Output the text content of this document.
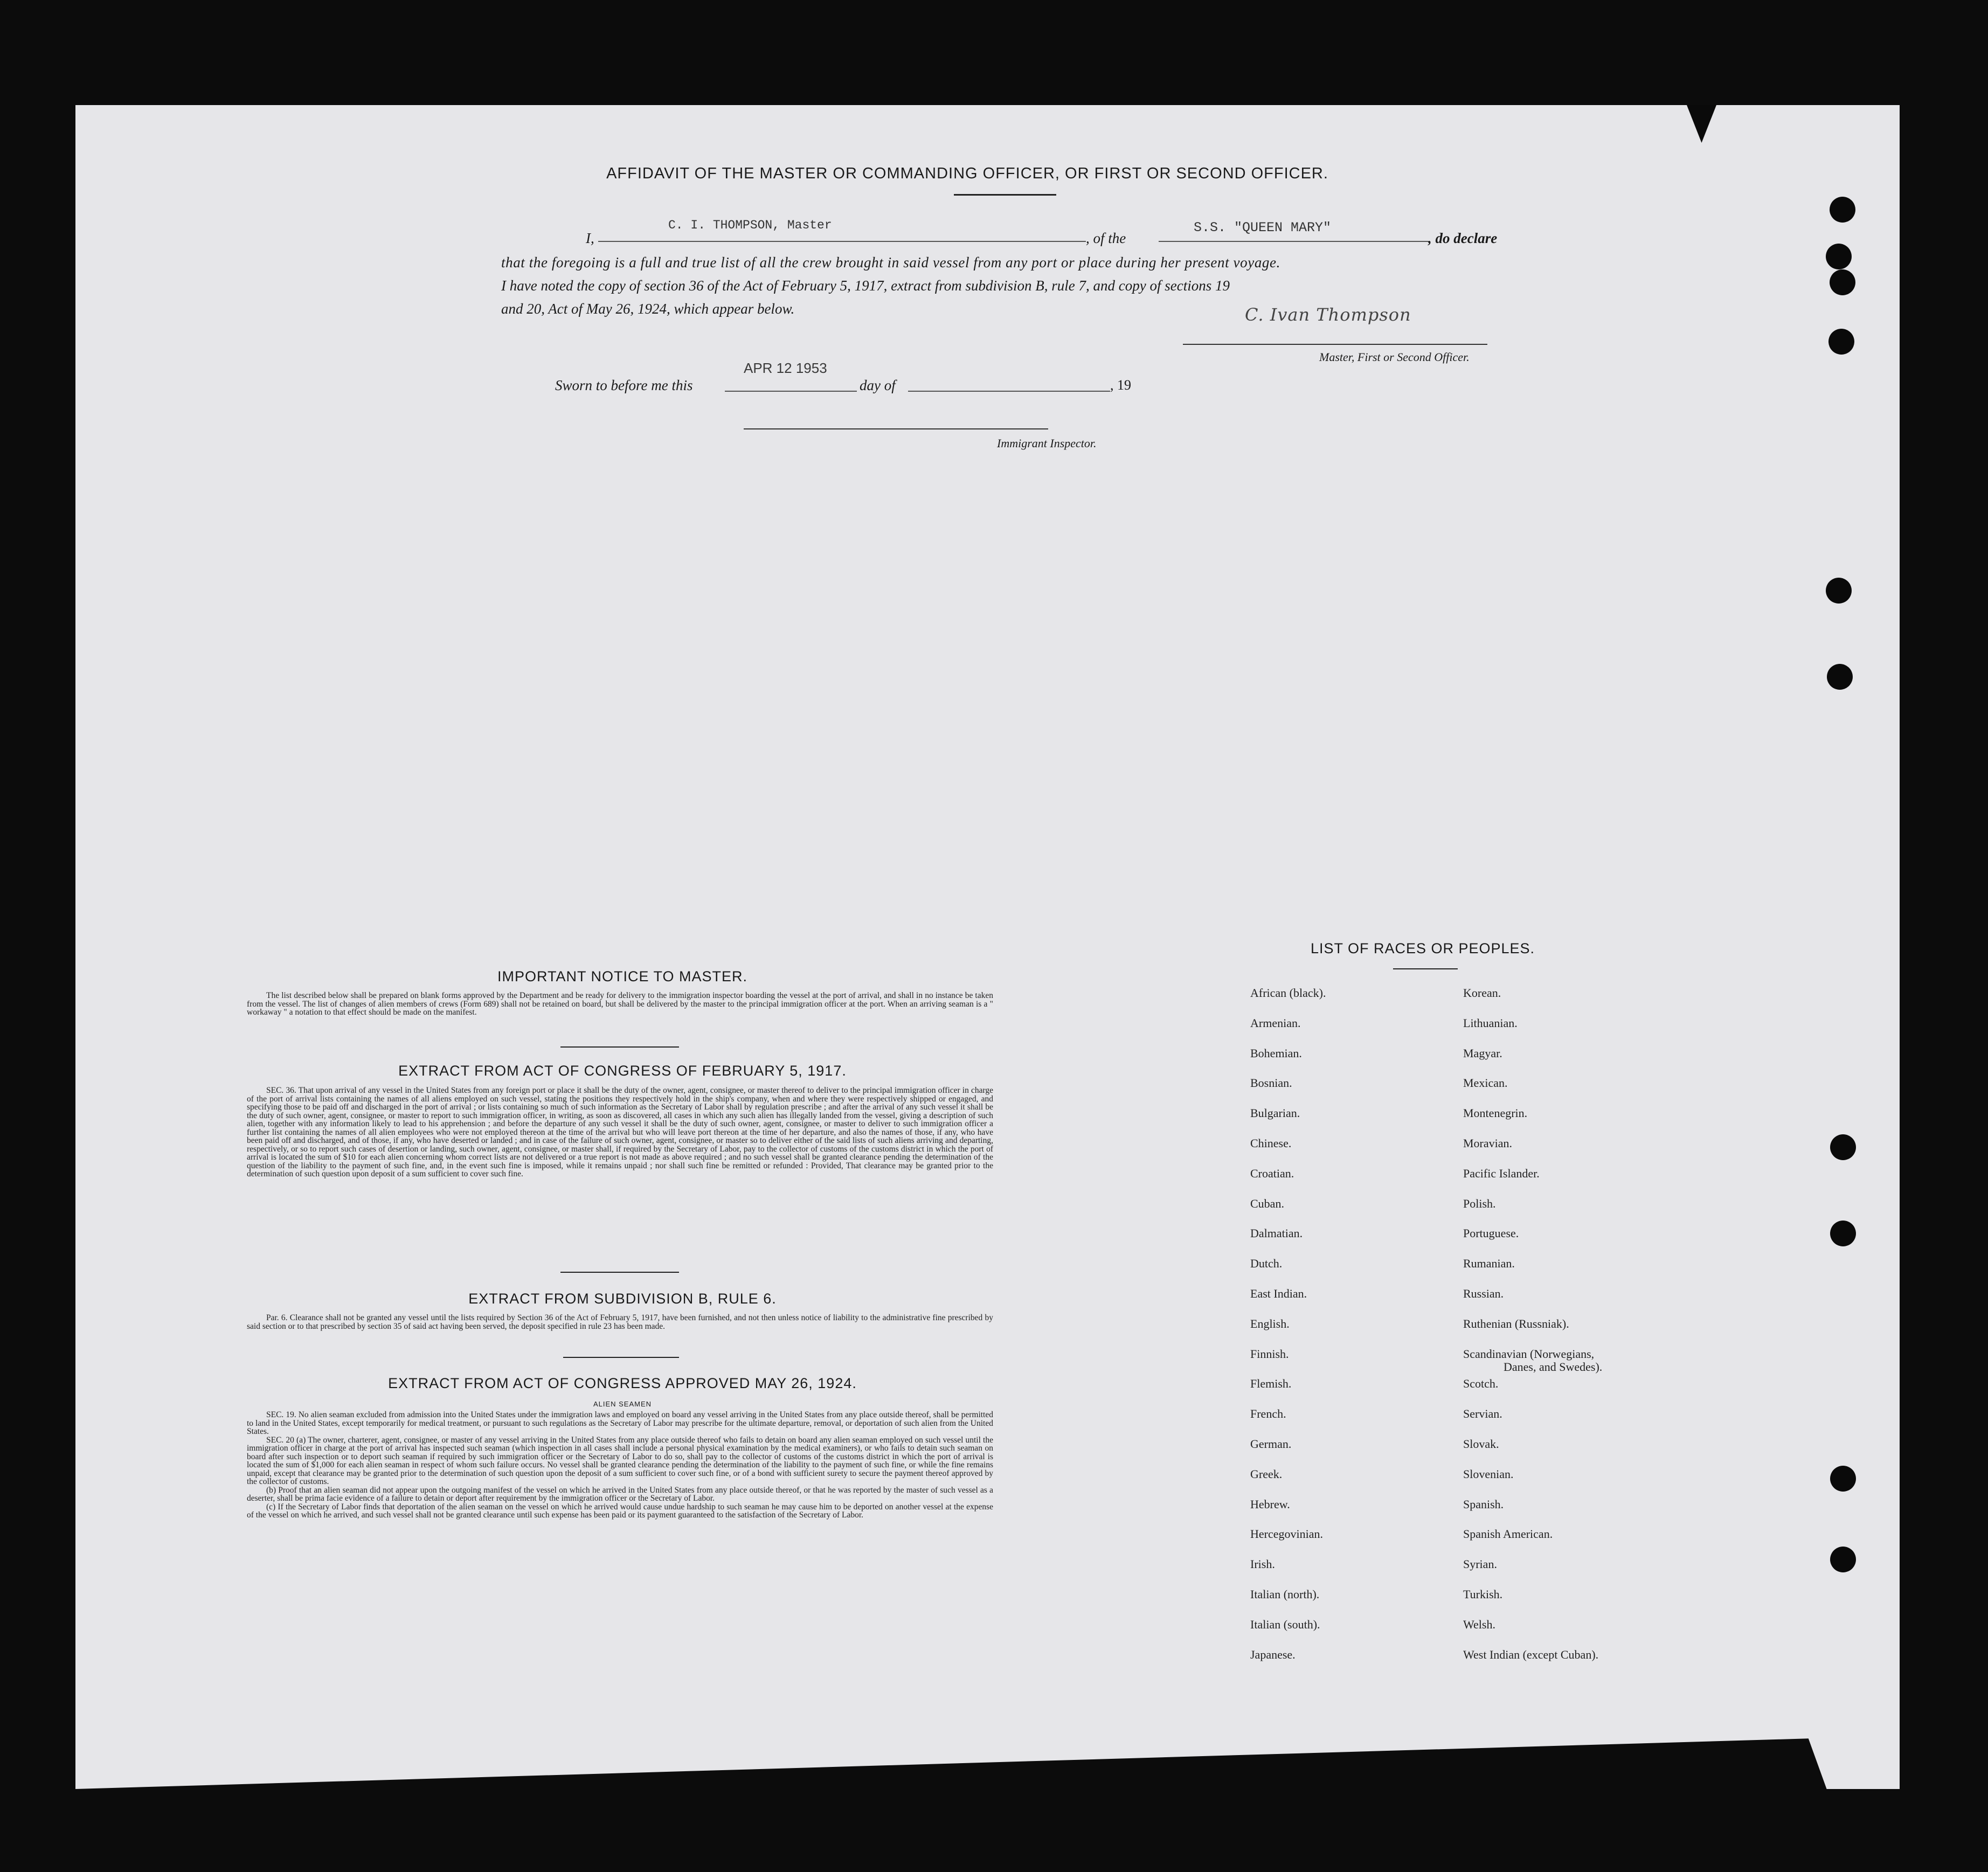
AFFIDAVIT OF THE MASTER OR COMMANDING OFFICER, OR FIRST OR SECOND OFFICER.
I,
C. I. THOMPSON, Master
, of the
S.S. "QUEEN MARY"
, do declare
that the foregoing is a full and true list of all the crew brought in said vessel from any port or place during her present voyage.
I have noted the copy of section 36 of the Act of February 5, 1917, extract from subdivision B, rule 7, and copy of sections 19
and 20, Act of May 26, 1924, which appear below.	C. Ivan Thompson
Master, First or Second Officer.
Sworn to before me this
APR 12 1953
day of	, 19
Immigrant Inspector.
IMPORTANT NOTICE TO MASTER.

The list described below shall be prepared on blank forms approved by the Department and be ready for delivery to the immigration inspector boarding the vessel at the port of arrival, and shall in no instance be taken from the vessel. The list of changes of alien members of crews (Form 689) shall not be retained on board, but shall be delivered by the master to the principal immigration officer at the port. When an arriving seaman is a " workaway " a notation to that effect should be made on the manifest.

EXTRACT FROM ACT OF CONGRESS OF FEBRUARY 5, 1917.

SEC. 36. That upon arrival of any vessel in the United States from any foreign port or place it shall be the duty of the owner, agent, consignee, or master thereof to deliver to the principal immigration officer in charge of the port of arrival lists containing the names of all aliens employed on such vessel, stating the positions they respectively hold in the ship's company, when and where they were respectively shipped or engaged, and specifying those to be paid off and discharged in the port of arrival ; or lists containing so much of such information as the Secretary of Labor shall by regulation prescribe ; and after the arrival of any such vessel it shall be the duty of such owner, agent, consignee, or master to report to such immigration officer, in writing, as soon as discovered, all cases in which any such alien has illegally landed from the vessel, giving a description of such alien, together with any information likely to lead to his apprehension ; and before the departure of any such vessel it shall be the duty of such owner, agent, consignee, or master to deliver to such immigration officer a further list containing the names of all alien employees who were not employed thereon at the time of the arrival but who will leave port thereon at the time of her departure, and also the names of those, if any, who have been paid off and discharged, and of those, if any, who have deserted or landed ; and in case of the failure of such owner, agent, consignee, or master so to deliver either of the said lists of such aliens arriving and departing, respectively, or so to report such cases of desertion or landing, such owner, agent, consignee, or master shall, if required by the Secretary of Labor, pay to the collector of customs of the customs district in which the port of arrival is located the sum of $10 for each alien concerning whom correct lists are not delivered or a true report is not made as above required ; and no such vessel shall be granted clearance pending the determination of the question of the liability to the payment of such fine, and, in the event such fine is imposed, while it remains unpaid ; nor shall such fine be remitted or refunded : Provided, That clearance may be granted prior to the determination of such question upon deposit of a sum sufficient to cover such fine.

EXTRACT FROM SUBDIVISION B, RULE 6.

Par. 6. Clearance shall not be granted any vessel until the lists required by Section 36 of the Act of February 5, 1917, have been furnished, and not then unless notice of liability to the administrative fine prescribed by said section or to that prescribed by section 35 of said act having been served, the deposit specified in rule 23 has been made.

EXTRACT FROM ACT OF CONGRESS APPROVED MAY 26, 1924.
ALIEN SEAMEN

SEC. 19. No alien seaman excluded from admission into the United States under the immigration laws and employed on board any vessel arriving in the United States from any place outside thereof, shall be permitted to land in the United States, except temporarily for medical treatment, or pursuant to such regulations as the Secretary of Labor may prescribe for the ultimate departure, removal, or deportation of such alien from the United States.

SEC. 20 (a) The owner, charterer, agent, consignee, or master of any vessel arriving in the United States from any place outside thereof who fails to detain on board any alien seaman employed on such vessel until the immigration officer in charge at the port of arrival has inspected such seaman (which inspection in all cases shall include a personal physical examination by the medical examiners), or who fails to detain such seaman on board after such inspection or to deport such seaman if required by such immigration officer or the Secretary of Labor to do so, shall pay to the collector of customs of the customs district in which the port of arrival is located the sum of $1,000 for each alien seaman in respect of whom such failure occurs. No vessel shall be granted clearance pending the determination of the liability to the payment of such fine, or while the fine remains unpaid, except that clearance may be granted prior to the determination of such question upon the deposit of a sum sufficient to cover such fine, or of a bond with sufficient surety to secure the payment thereof approved by the collector of customs.

(b) Proof that an alien seaman did not appear upon the outgoing manifest of the vessel on which he arrived in the United States from any place outside thereof, or that he was reported by the master of such vessel as a deserter, shall be prima facie evidence of a failure to detain or deport after requirement by the immigration officer or the Secretary of Labor.

(c) If the Secretary of Labor finds that deportation of the alien seaman on the vessel on which he arrived would cause undue hardship to such seaman he may cause him to be deported on another vessel at the expense of the vessel on which he arrived, and such vessel shall not be granted clearance until such expense has been paid or its payment guaranteed to the satisfaction of the Secretary of Labor.

LIST OF RACES OR PEOPLES.
African (black).
Armenian.
Bohemian.
Bosnian.
Bulgarian.
Chinese.
Croatian.
Cuban.
Dalmatian.
Dutch.
East Indian.
English.
Finnish.
Flemish.
French.
German.
Greek.
Hebrew.
Hercegovinian.
Irish.
Italian (north).
Italian (south).
Japanese.
Korean.
Lithuanian.
Magyar.
Mexican.
Montenegrin.
Moravian.
Pacific Islander.
Polish.
Portuguese.
Rumanian.
Russian.
Ruthenian (Russniak).
Scandinavian (Norwegians,
Danes, and Swedes).
Scotch.
Servian.
Slovak.
Slovenian.
Spanish.
Spanish American.
Syrian.
Turkish.
Welsh.
West Indian (except Cuban).
